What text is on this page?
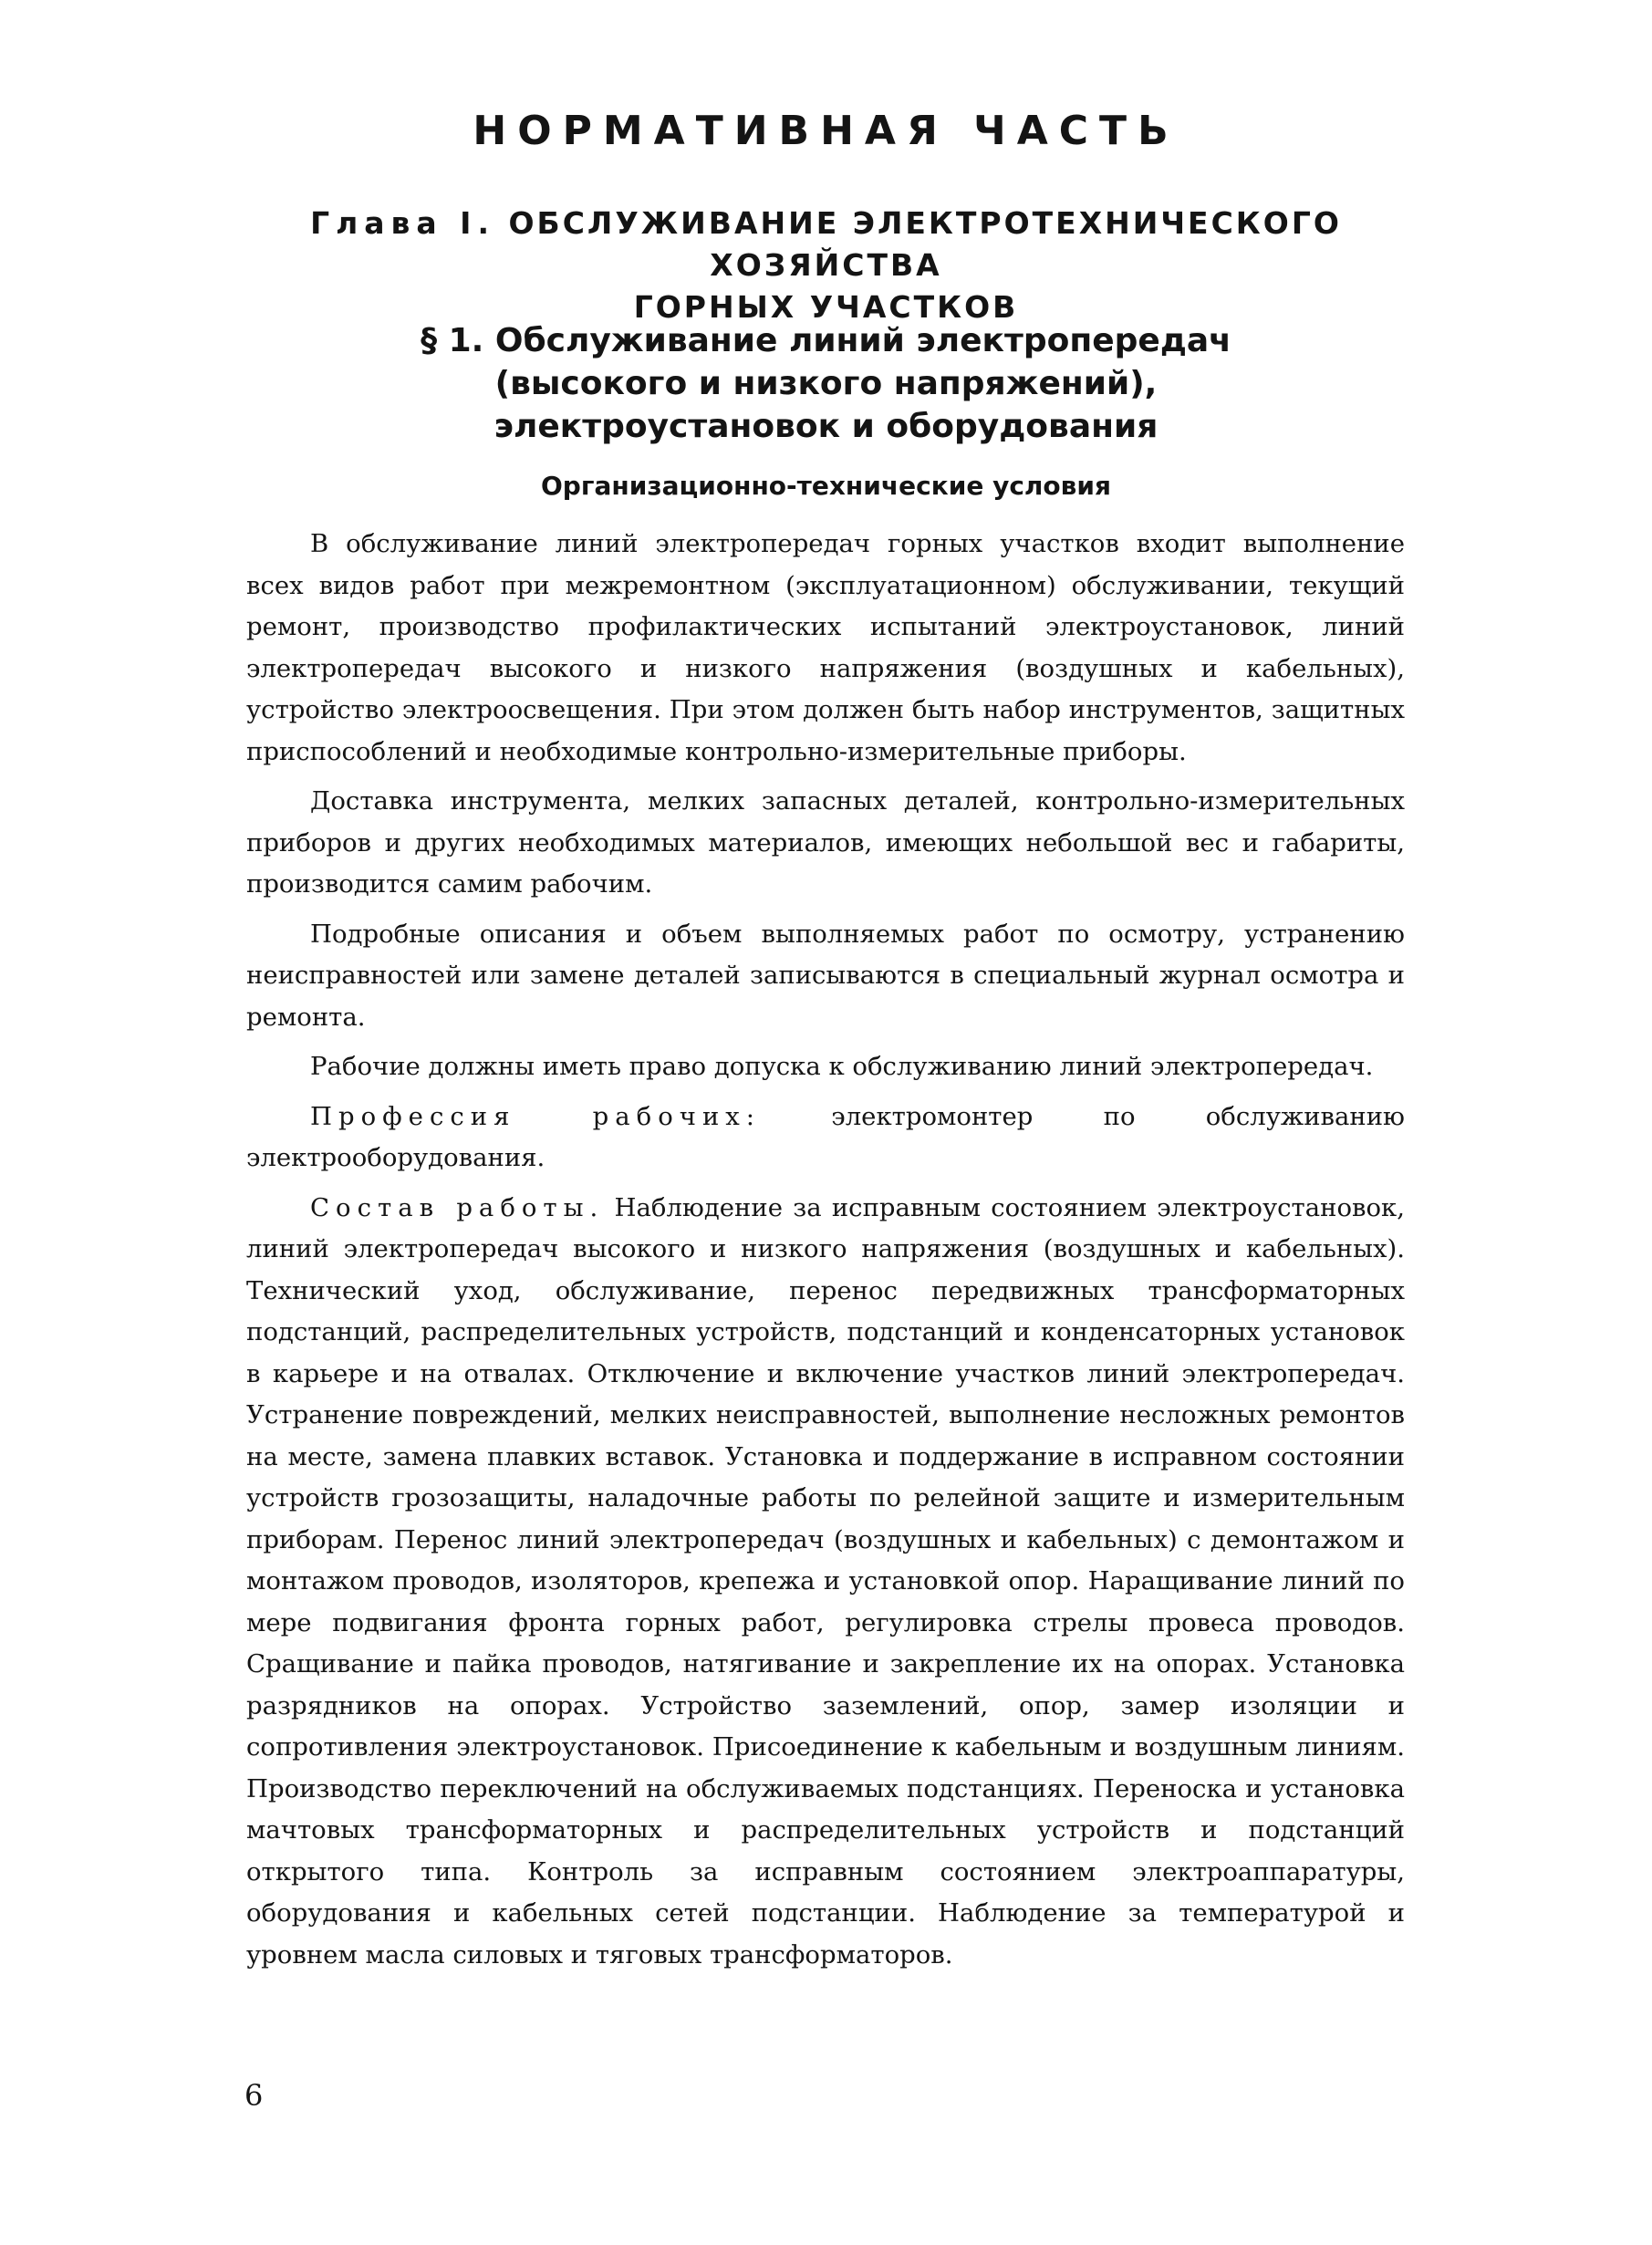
НОРМАТИВНАЯ ЧАСТЬ
Глава I. ОБСЛУЖИВАНИЕ ЭЛЕКТРОТЕХНИЧЕСКОГО ХОЗЯЙСТВА
ГОРНЫХ УЧАСТКОВ
§ 1. Обслуживание линий электропередач
(высокого и низкого напряжений),
электроустановок и оборудования
Организационно-технические условия

В обслуживание линий электропередач горных участков входит выполнение всех видов работ при межремонтном (эксплуатационном) обслуживании, текущий ремонт, производство профилактических испытаний электроустановок, линий электропередач высокого и низкого напряжения (воздушных и кабельных), устройство электроосвещения. При этом должен быть набор инструментов, защитных приспособлений и необходимые контрольно-измерительные приборы.

Доставка инструмента, мелких запасных деталей, контрольно-измерительных приборов и других необходимых материалов, имеющих небольшой вес и габариты, производится самим рабочим.

Подробные описания и объем выполняемых работ по осмотру, устранению неисправностей или замене деталей записываются в специальный журнал осмотра и ремонта.

Рабочие должны иметь право допуска к обслуживанию линий электропередач.

Профессия рабочих: электромонтер по обслуживанию электрооборудования.

Состав работы. Наблюдение за исправным состоянием электроустановок, линий электропередач высокого и низкого напряжения (воздушных и кабельных). Технический уход, обслуживание, перенос передвижных трансформаторных подстанций, распределительных устройств, подстанций и конденсаторных установок в карьере и на отвалах. Отключение и включение участков линий электропередач. Устранение повреждений, мелких неисправностей, выполнение несложных ремонтов на месте, замена плавких вставок. Установка и поддержание в исправном состоянии устройств грозозащиты, наладочные работы по релейной защите и измерительным приборам. Перенос линий электропередач (воздушных и кабельных) с демонтажом и монтажом проводов, изоляторов, крепежа и установкой опор. Наращивание линий по мере подвигания фронта горных работ, регулировка стрелы провеса проводов. Сращивание и пайка проводов, натягивание и закрепление их на опорах. Установка разрядников на опорах. Устройство заземлений, опор, замер изоляции и сопротивления электроустановок. Присоединение к кабельным и воздушным линиям. Производство переключений на обслуживаемых подстанциях. Переноска и установка мачтовых трансформаторных и распределительных устройств и подстанций открытого типа. Контроль за исправным состоянием электроаппаратуры, оборудования и кабельных сетей подстанции. Наблюдение за температурой и уровнем масла силовых и тяговых трансформаторов.

6
